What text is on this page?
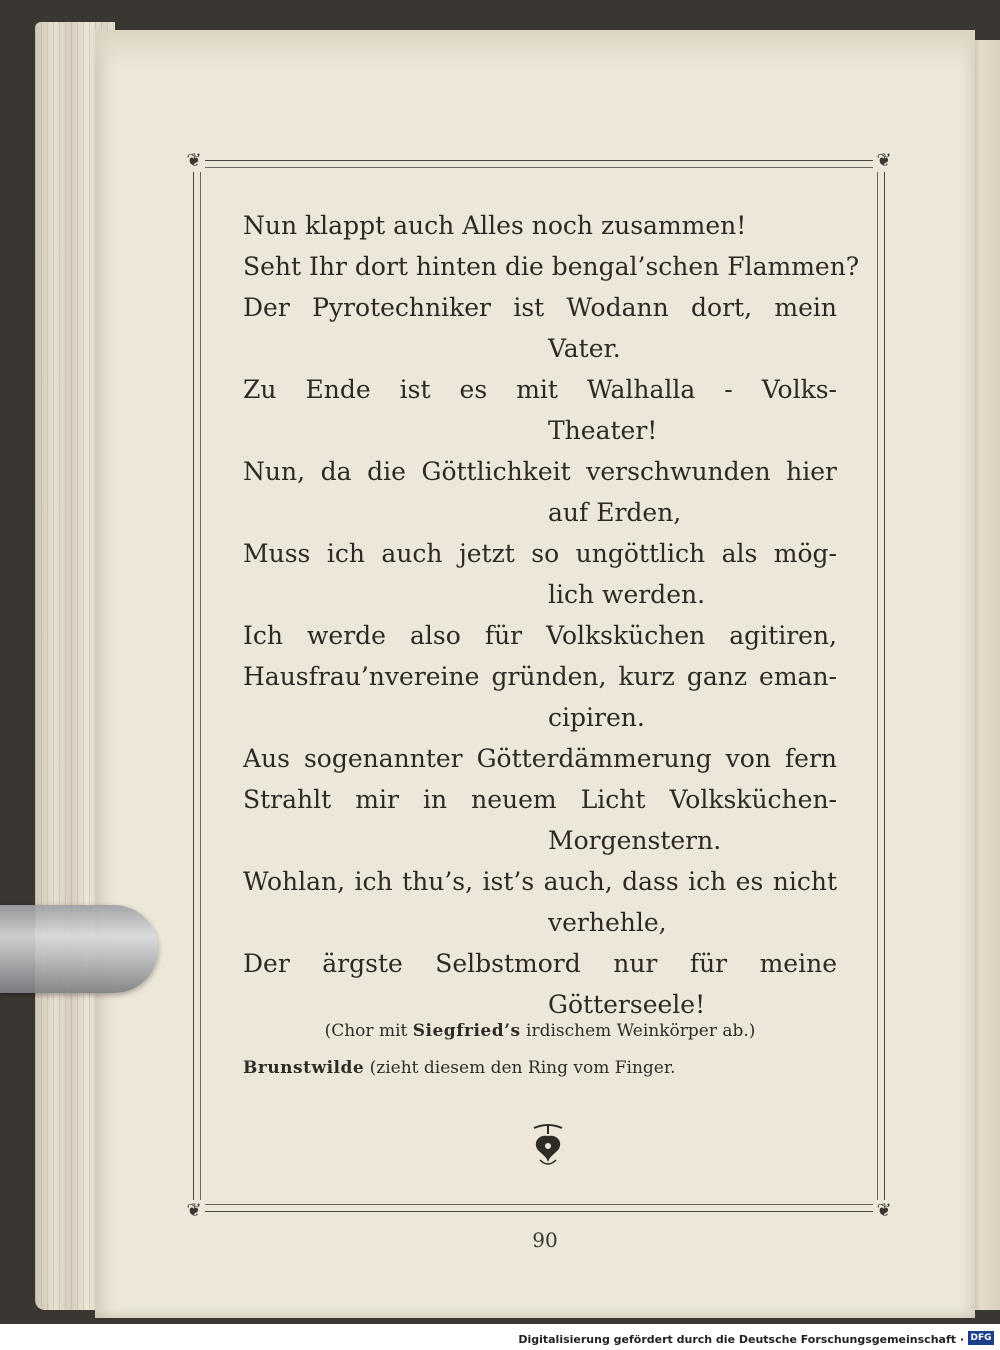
❦	❦
❦	❦
Nun klappt auch Alles noch zusammen!
Seht Ihr dort hinten die bengal’schen Flammen?
Der Pyrotechniker ist Wodann dort, mein
Vater.
Zu Ende ist es mit Walhalla - Volks-
Theater!
Nun, da die Göttlichkeit verschwunden hier
auf Erden,
Muss ich auch jetzt so ungöttlich als mög-
lich werden.
Ich werde also für Volksküchen agitiren,
Hausfrau’nvereine gründen, kurz ganz eman-
cipiren.
Aus sogenannter Götterdämmerung von fern
Strahlt mir in neuem Licht Volksküchen-
Morgenstern.
Wohlan, ich thu’s, ist’s auch, dass ich es nicht
verhehle,
Der ärgste Selbstmord nur für meine
Götterseele!
(Chor mit Siegfried’s irdischem Weinkörper ab.)
Brunstwilde (zieht diesem den Ring vom Finger.
90
Digitalisierung gefördert durch die Deutsche Forschungsgemeinschaft · DFG
